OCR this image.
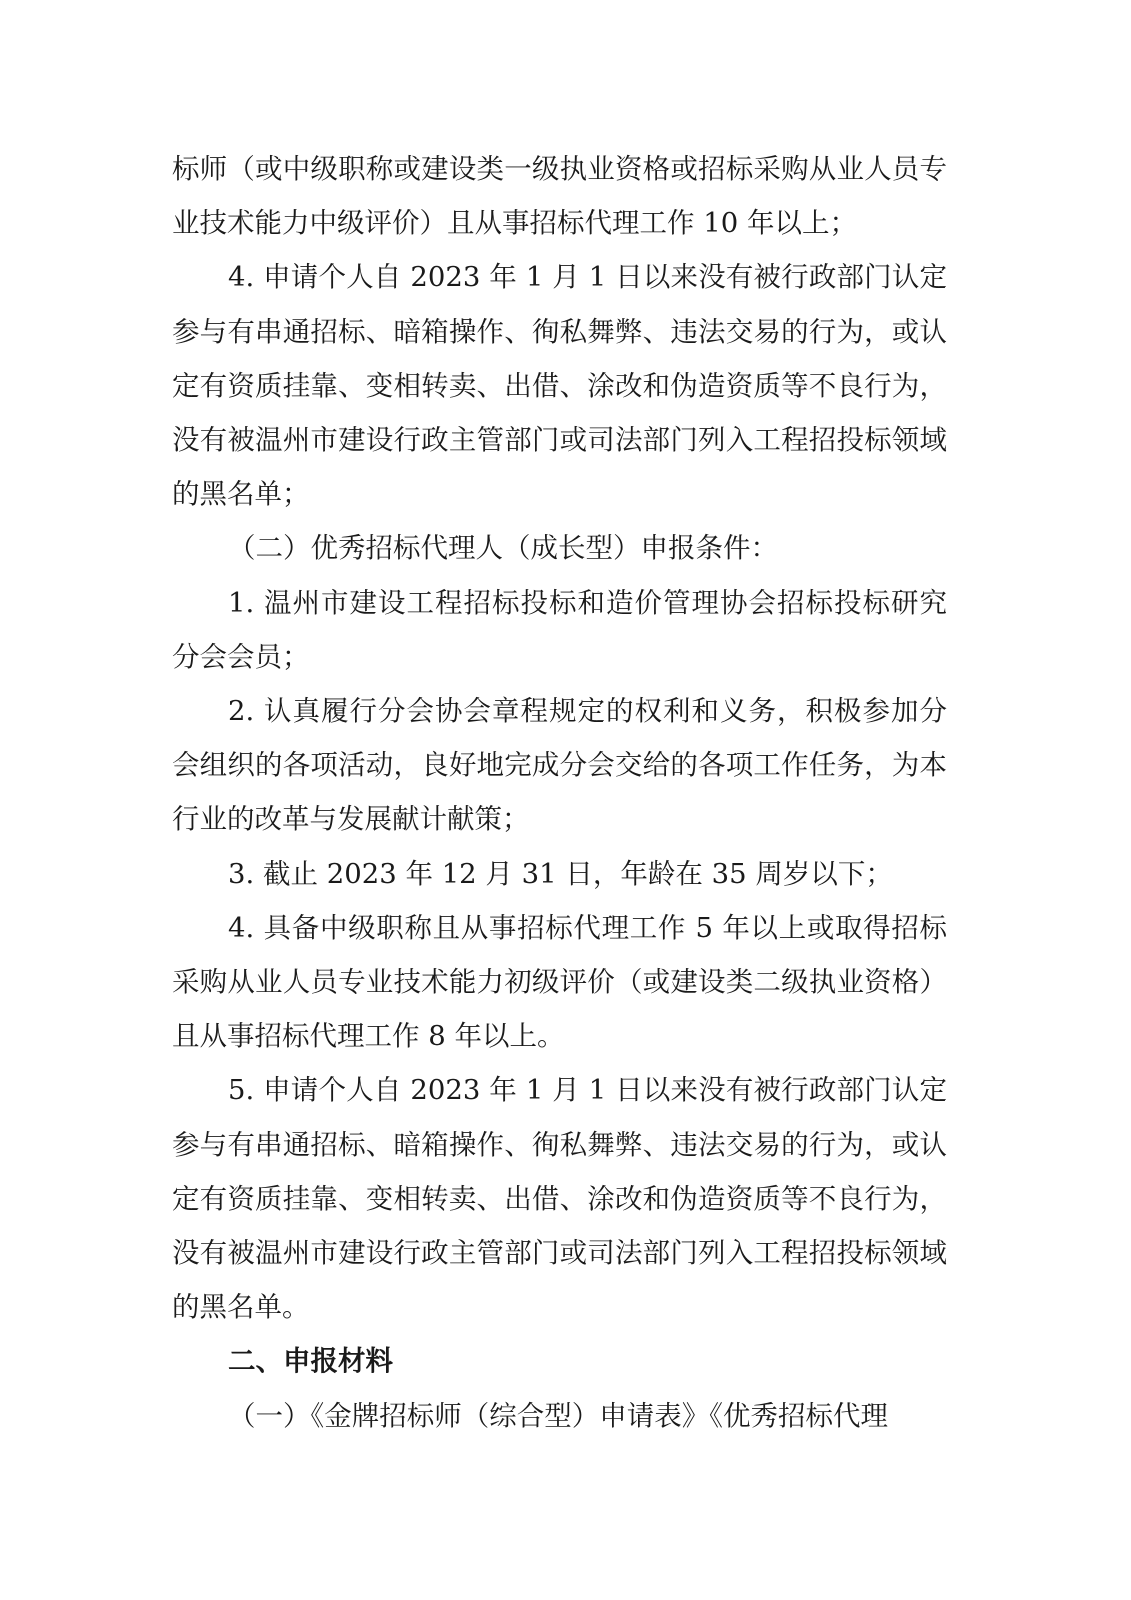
标师（或中级职称或建设类一级执业资格或招标采购从业人员专业技术能力中级评价）且从事招标代理工作 10 年以上；

4. 申请个人自 2023 年 1 月 1 日以来没有被行政部门认定参与有串通招标、暗箱操作、徇私舞弊、违法交易的行为，或认定有资质挂靠、变相转卖、出借、涂改和伪造资质等不良行为，没有被温州市建设行政主管部门或司法部门列入工程招投标领域的黑名单；

（二）优秀招标代理人（成长型）申报条件：

1. 温州市建设工程招标投标和造价管理协会招标投标研究分会会员；

2. 认真履行分会协会章程规定的权利和义务，积极参加分会组织的各项活动，良好地完成分会交给的各项工作任务，为本行业的改革与发展献计献策；

3. 截止 2023 年 12 月 31 日，年龄在 35 周岁以下；

4. 具备中级职称且从事招标代理工作 5 年以上或取得招标采购从业人员专业技术能力初级评价（或建设类二级执业资格）且从事招标代理工作 8 年以上。

5. 申请个人自 2023 年 1 月 1 日以来没有被行政部门认定参与有串通招标、暗箱操作、徇私舞弊、违法交易的行为，或认定有资质挂靠、变相转卖、出借、涂改和伪造资质等不良行为，没有被温州市建设行政主管部门或司法部门列入工程招投标领域的黑名单。

二、申报材料

（一）《金牌招标师（综合型）申请表》《优秀招标代理
